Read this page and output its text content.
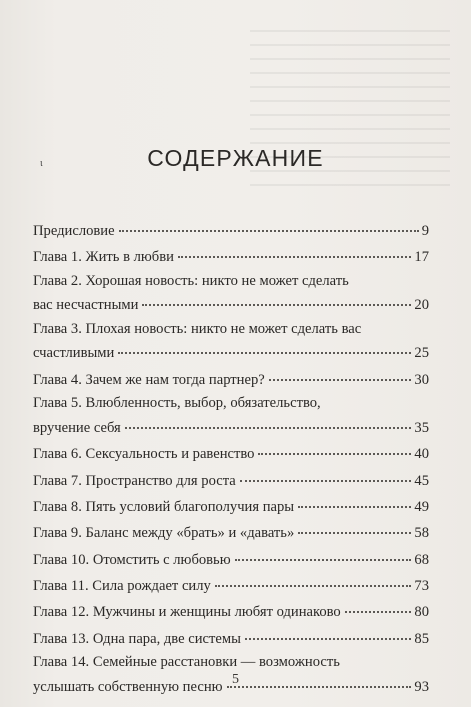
ɩ	СОДЕРЖАНИЕ
Предисловие	9
Глава 1. Жить в любви	17
Глава 2. Хорошая новость: никто не может сделать
вас несчастными	20
Глава 3. Плохая новость: никто не может сделать вас
счастливыми	25
Глава 4. Зачем же нам тогда партнер?	30
Глава 5. Влюбленность, выбор, обязательство,
вручение себя	35
Глава 6. Сексуальность и равенство	40
Глава 7. Пространство для роста	45
Глава 8. Пять условий благополучия пары	49
Глава 9. Баланс между «брать» и «давать»	58
Глава 10. Отомстить с любовью	68
Глава 11. Сила рождает силу	73
Глава 12. Мужчины и женщины любят одинаково	80
Глава 13. Одна пара, две системы	85
Глава 14. Семейные расстановки — возможность
услышать собственную песню	93
5
